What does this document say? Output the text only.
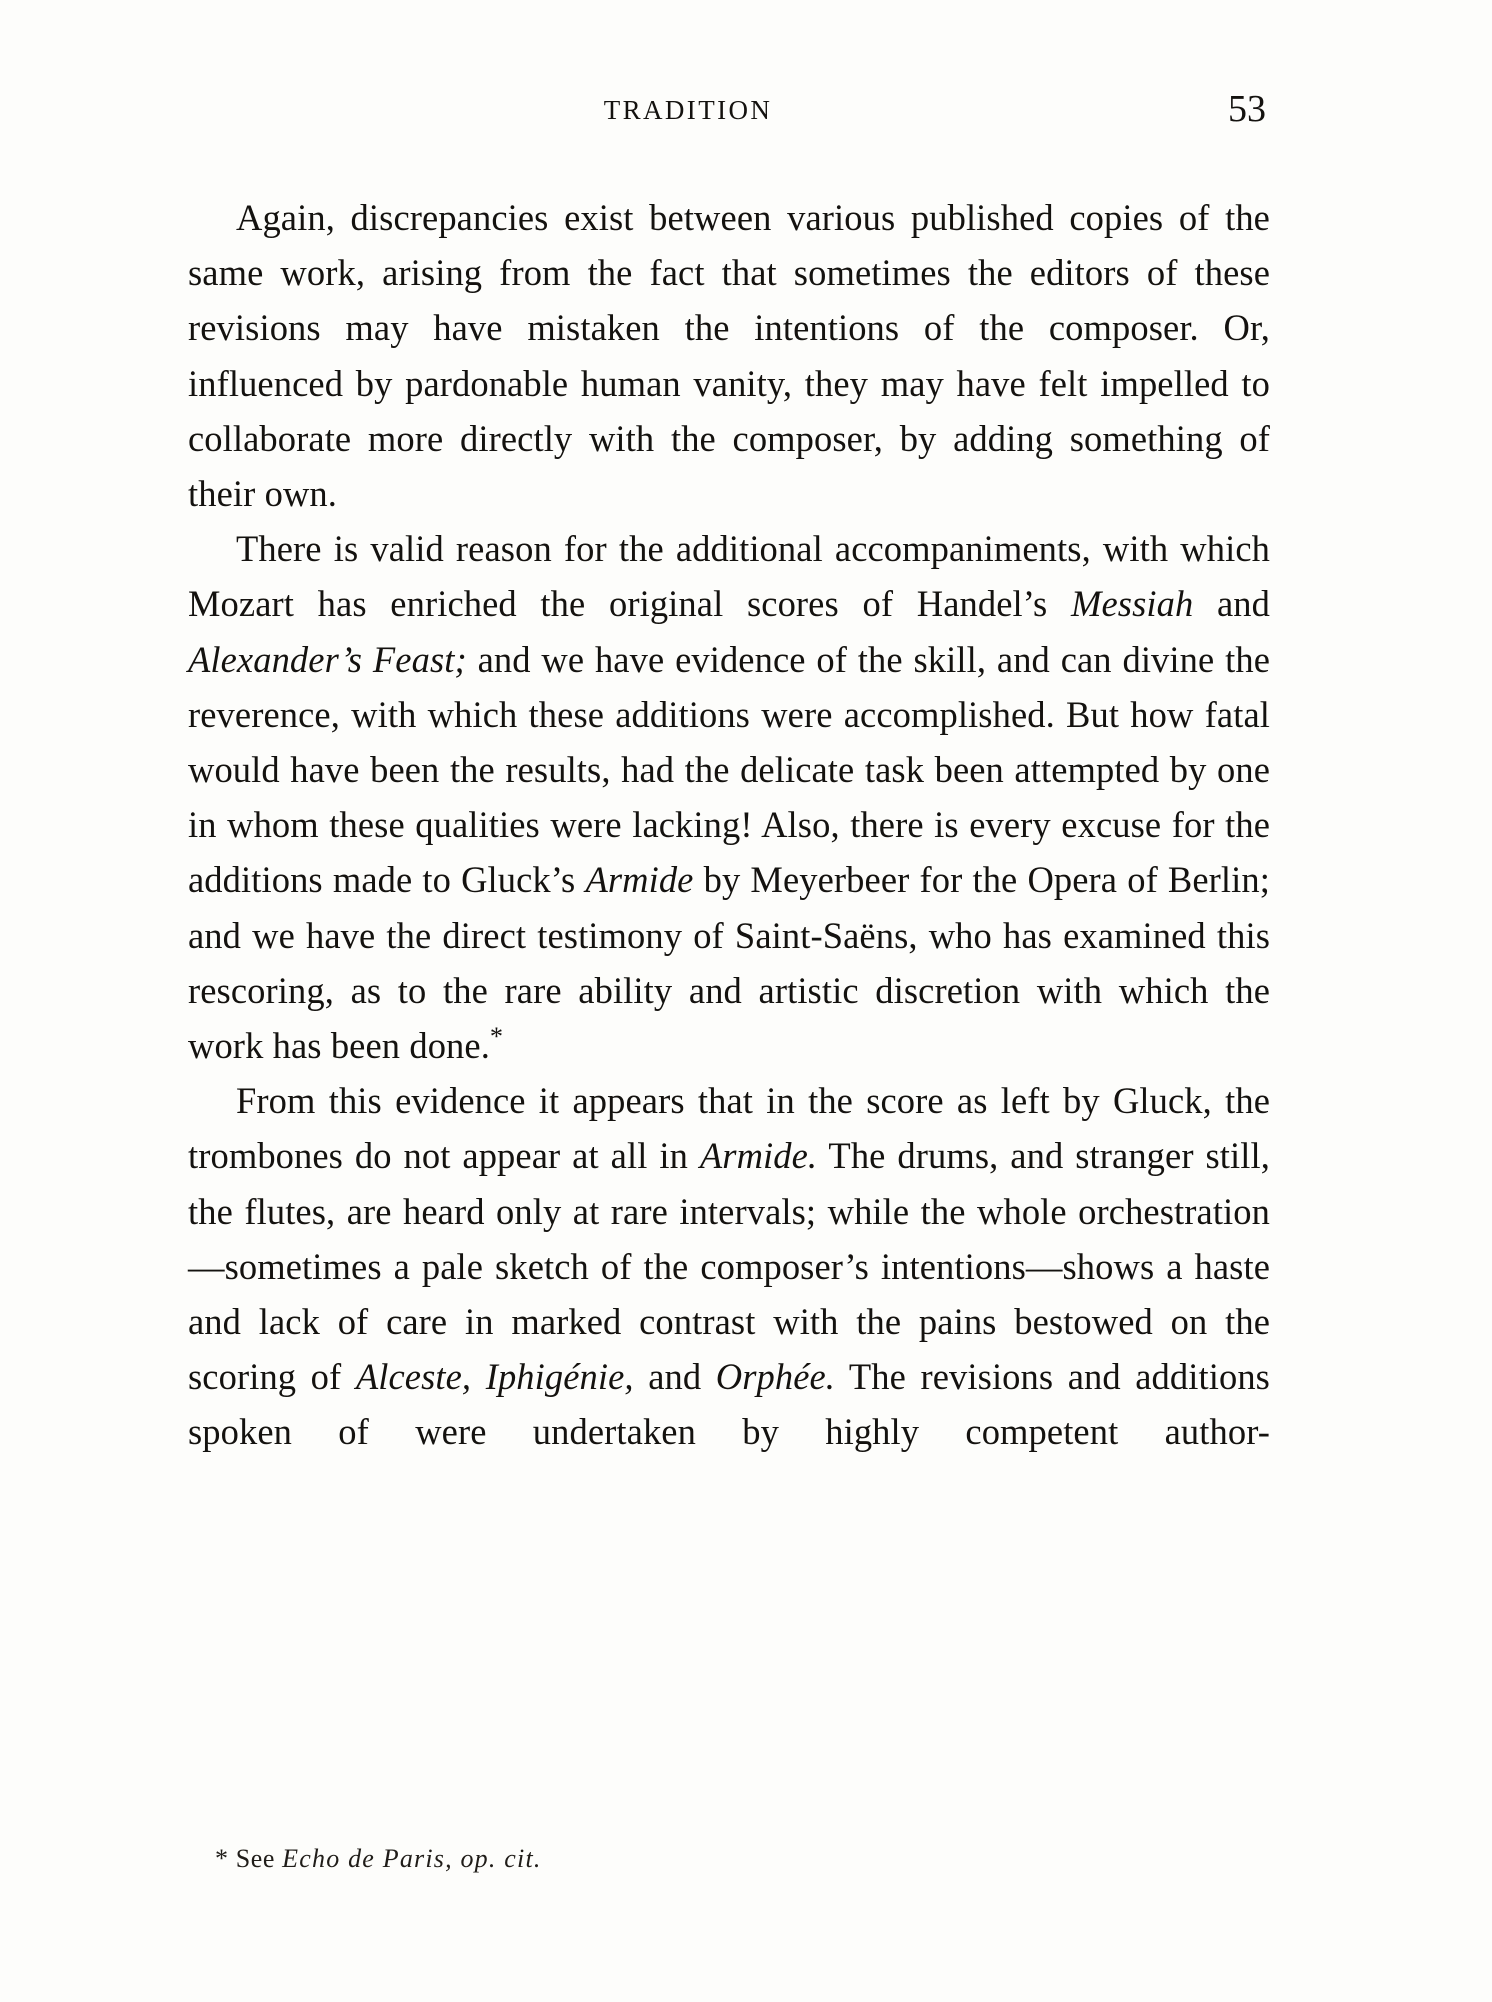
TRADITION	53

Again, discrepancies exist between various published copies of the same work, arising from the fact that sometimes the editors of these revisions may have mistaken the intentions of the composer. Or, influenced by pardonable human vanity, they may have felt impelled to collaborate more directly with the composer, by adding something of their own.

There is valid reason for the additional accompaniments, with which Mozart has enriched the original scores of Handel’s Messiah and Alexander’s Feast; and we have evidence of the skill, and can divine the reverence, with which these additions were accomplished. But how fatal would have been the results, had the delicate task been attempted by one in whom these qualities were lacking! Also, there is every excuse for the additions made to Gluck’s Armide by Meyerbeer for the Opera of Berlin; and we have the direct testimony of Saint-Saëns, who has examined this rescoring, as to the rare ability and artistic discretion with which the work has been done.*

From this evidence it appears that in the score as left by Gluck, the trombones do not appear at all in Armide. The drums, and stranger still, the flutes, are heard only at rare intervals; while the whole orchestration—sometimes a pale sketch of the composer’s intentions—shows a haste and lack of care in marked contrast with the pains bestowed on the scoring of Alceste, Iphigénie, and Orphée. The revisions and additions spoken of were undertaken by highly competent author-

* See Echo de Paris, op. cit.
